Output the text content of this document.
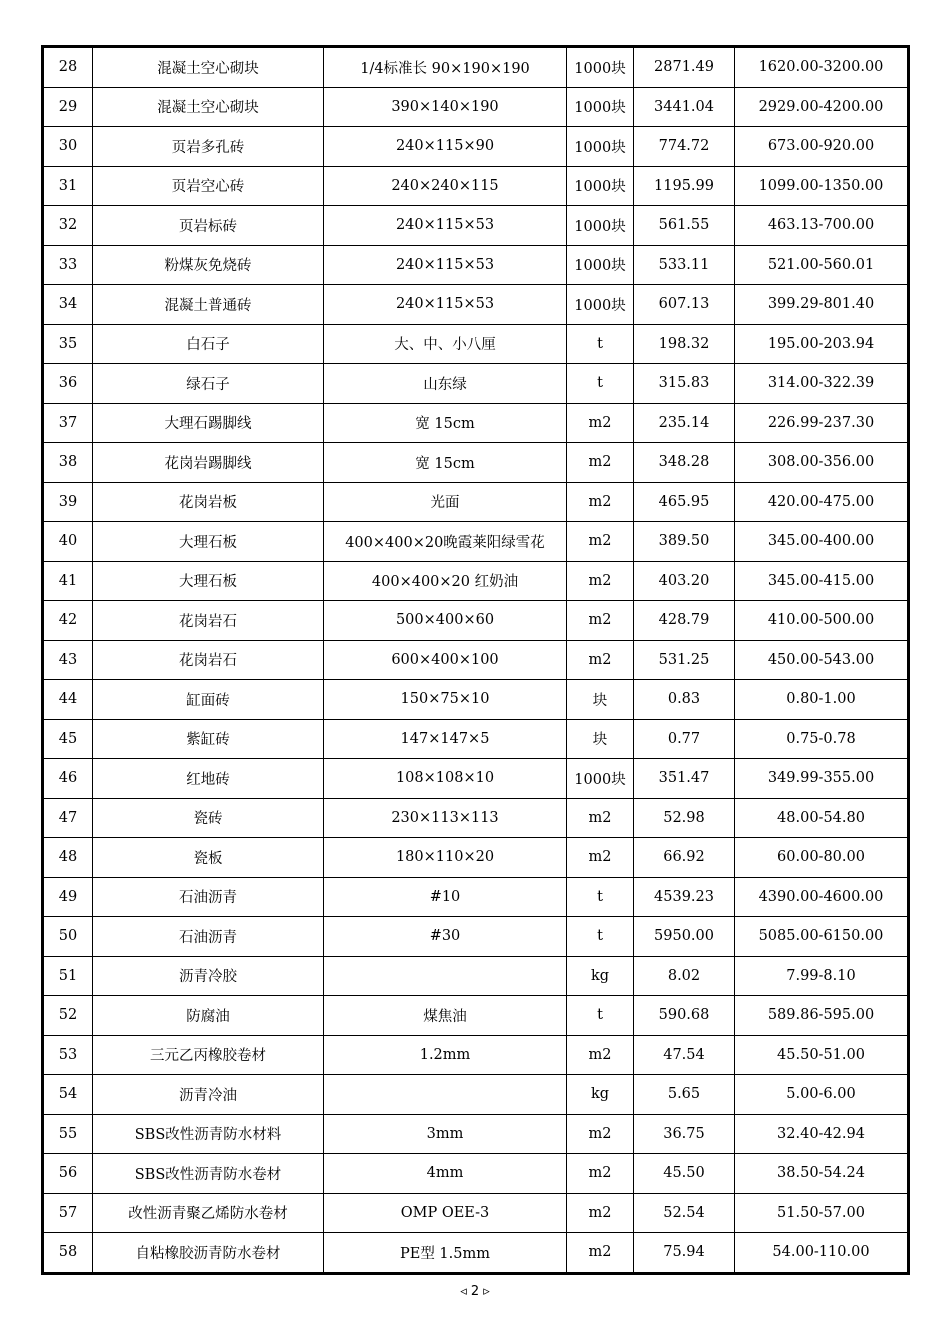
28	混凝土空心砌块	1/4标准长 90×190×190	1000块	2871.49	1620.00-3200.00
29	混凝土空心砌块	390×140×190	1000块	3441.04	2929.00-4200.00
30	页岩多孔砖	240×115×90	1000块	774.72	673.00-920.00
31	页岩空心砖	240×240×115	1000块	1195.99	1099.00-1350.00
32	页岩标砖	240×115×53	1000块	561.55	463.13-700.00
33	粉煤灰免烧砖	240×115×53	1000块	533.11	521.00-560.01
34	混凝土普通砖	240×115×53	1000块	607.13	399.29-801.40
35	白石子	大、中、小八厘	t	198.32	195.00-203.94
36	绿石子	山东绿	t	315.83	314.00-322.39
37	大理石踢脚线	宽 15cm	m2	235.14	226.99-237.30
38	花岗岩踢脚线	宽 15cm	m2	348.28	308.00-356.00
39	花岗岩板	光面	m2	465.95	420.00-475.00
40	大理石板	400×400×20晚霞莱阳绿雪花	m2	389.50	345.00-400.00
41	大理石板	400×400×20 红奶油	m2	403.20	345.00-415.00
42	花岗岩石	500×400×60	m2	428.79	410.00-500.00
43	花岗岩石	600×400×100	m2	531.25	450.00-543.00
44	缸面砖	150×75×10	块	0.83	0.80-1.00
45	紫缸砖	147×147×5	块	0.77	0.75-0.78
46	红地砖	108×108×10	1000块	351.47	349.99-355.00
47	瓷砖	230×113×113	m2	52.98	48.00-54.80
48	瓷板	180×110×20	m2	66.92	60.00-80.00
49	石油沥青	#10	t	4539.23	4390.00-4600.00
50	石油沥青	#30	t	5950.00	5085.00-6150.00
51	沥青冷胶		kg	8.02	7.99-8.10
52	防腐油	煤焦油	t	590.68	589.86-595.00
53	三元乙丙橡胶卷材	1.2mm	m2	47.54	45.50-51.00
54	沥青冷油		kg	5.65	5.00-6.00
55	SBS改性沥青防水材料	3mm	m2	36.75	32.40-42.94
56	SBS改性沥青防水卷材	4mm	m2	45.50	38.50-54.24
57	改性沥青聚乙烯防水卷材	OMP OEE-3	m2	52.54	51.50-57.00
58	自粘橡胶沥青防水卷材	PE型 1.5mm	m2	75.94	54.00-110.00
◃ 2 ▹
